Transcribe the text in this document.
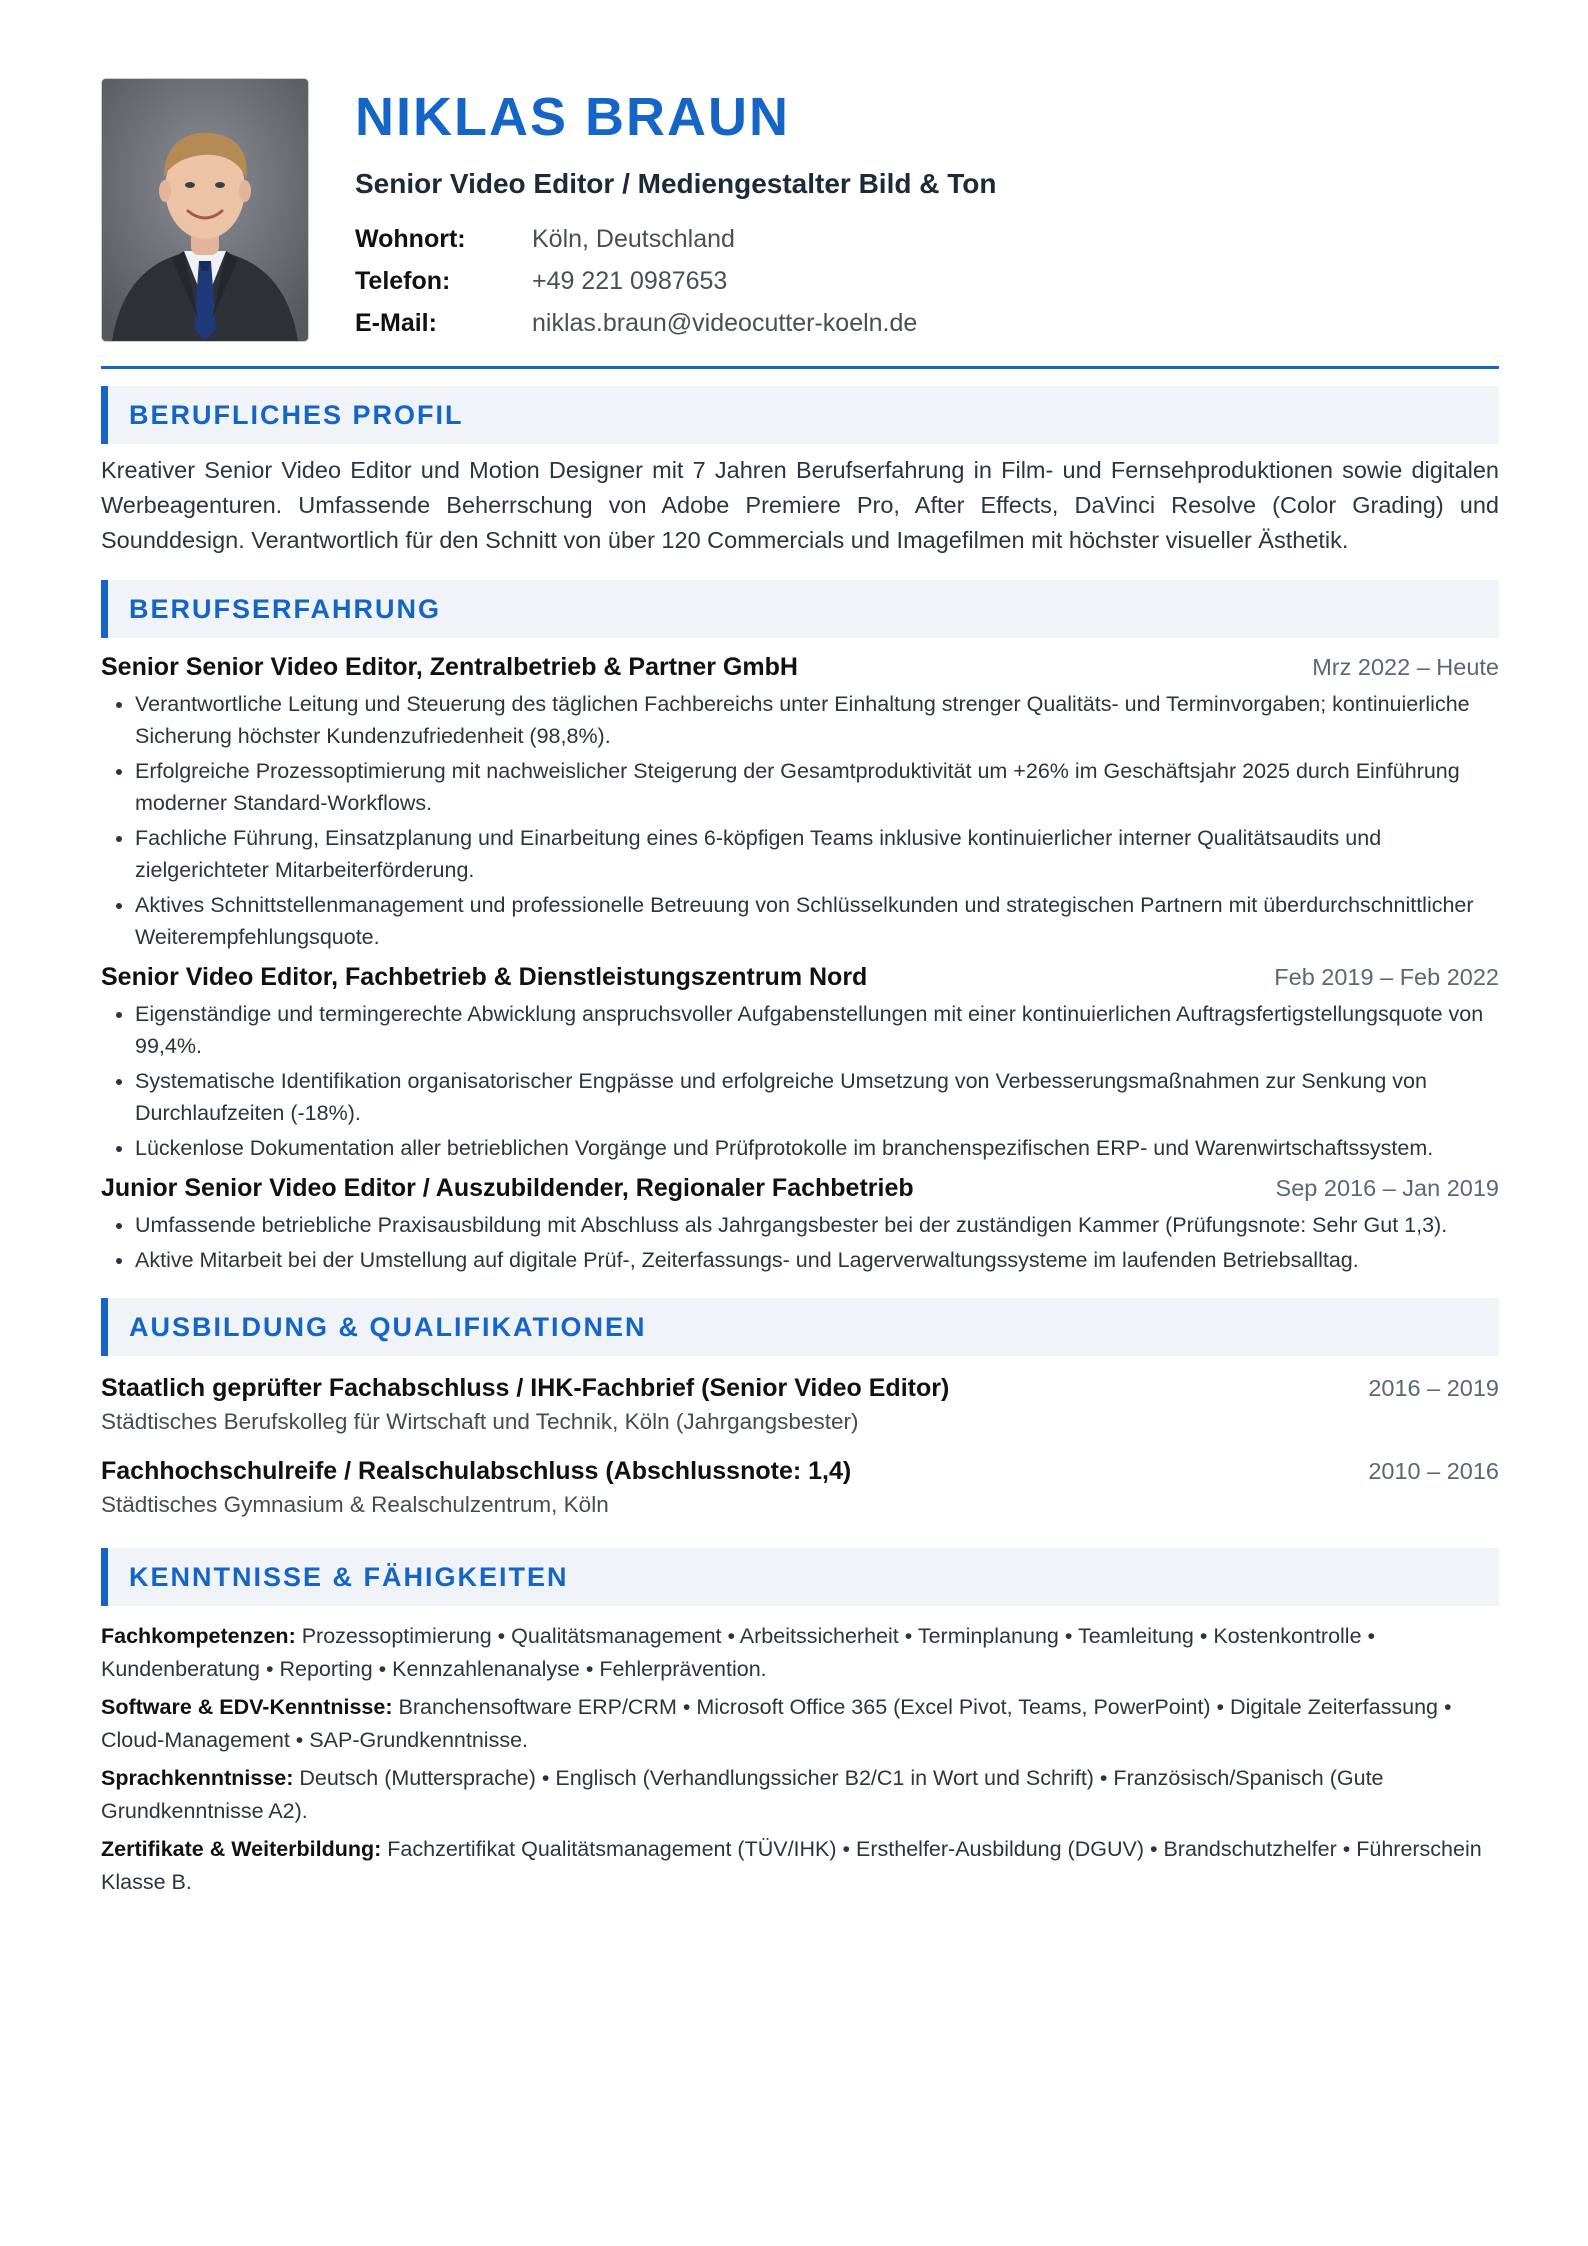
NIKLAS BRAUN
Senior Video Editor / Mediengestalter Bild & Ton
Wohnort:	Köln, Deutschland
Telefon:	+49 221 0987653
E-Mail:	niklas.braun@videocutter-koeln.de
BERUFLICHES PROFIL

Kreativer Senior Video Editor und Motion Designer mit 7 Jahren Berufserfahrung in Film- und Fernsehproduktionen sowie digitalen Werbeagenturen. Umfassende Beherrschung von Adobe Premiere Pro, After Effects, DaVinci Resolve (Color Grading) und Sounddesign. Verantwortlich für den Schnitt von über 120 Commercials und Imagefilmen mit höchster visueller Ästhetik.

BERUFSERFAHRUNG
Senior Senior Video Editor, Zentralbetrieb & Partner GmbH	Mrz 2022 – Heute
• Verantwortliche Leitung und Steuerung des täglichen Fachbereichs unter Einhaltung strenger Qualitäts- und Terminvorgaben; kontinuierliche Sicherung höchster Kundenzufriedenheit (98,8%).
• Erfolgreiche Prozessoptimierung mit nachweislicher Steigerung der Gesamtproduktivität um +26% im Geschäftsjahr 2025 durch Einführung moderner Standard-Workflows.
• Fachliche Führung, Einsatzplanung und Einarbeitung eines 6-köpfigen Teams inklusive kontinuierlicher interner Qualitätsaudits und zielgerichteter Mitarbeiterförderung.
• Aktives Schnittstellenmanagement und professionelle Betreuung von Schlüsselkunden und strategischen Partnern mit überdurchschnittlicher Weiterempfehlungsquote.
Senior Video Editor, Fachbetrieb & Dienstleistungszentrum Nord	Feb 2019 – Feb 2022
• Eigenständige und termingerechte Abwicklung anspruchsvoller Aufgabenstellungen mit einer kontinuierlichen Auftragsfertigstellungsquote von 99,4%.
• Systematische Identifikation organisatorischer Engpässe und erfolgreiche Umsetzung von Verbesserungsmaßnahmen zur Senkung von Durchlaufzeiten (-18%).
• Lückenlose Dokumentation aller betrieblichen Vorgänge und Prüfprotokolle im branchenspezifischen ERP- und Warenwirtschaftssystem.
Junior Senior Video Editor / Auszubildender, Regionaler Fachbetrieb	Sep 2016 – Jan 2019
• Umfassende betriebliche Praxisausbildung mit Abschluss als Jahrgangsbester bei der zuständigen Kammer (Prüfungsnote: Sehr Gut 1,3).
• Aktive Mitarbeit bei der Umstellung auf digitale Prüf-, Zeiterfassungs- und Lagerverwaltungssysteme im laufenden Betriebsalltag.
AUSBILDUNG & QUALIFIKATIONEN
Staatlich geprüfter Fachabschluss / IHK-Fachbrief (Senior Video Editor)	2016 – 2019
Städtisches Berufskolleg für Wirtschaft und Technik, Köln (Jahrgangsbester)
Fachhochschulreife / Realschulabschluss (Abschlussnote: 1,4)	2010 – 2016
Städtisches Gymnasium & Realschulzentrum, Köln
KENNTNISSE & FÄHIGKEITEN
Fachkompetenzen: Prozessoptimierung • Qualitätsmanagement • Arbeitssicherheit • Terminplanung • Teamleitung • Kostenkontrolle • Kundenberatung • Reporting • Kennzahlenanalyse • Fehlerprävention.
Software & EDV-Kenntnisse: Branchensoftware ERP/CRM • Microsoft Office 365 (Excel Pivot, Teams, PowerPoint) • Digitale Zeiterfassung • Cloud-Management • SAP-Grundkenntnisse.
Sprachkenntnisse: Deutsch (Muttersprache) • Englisch (Verhandlungssicher B2/C1 in Wort und Schrift) • Französisch/Spanisch (Gute Grundkenntnisse A2).
Zertifikate & Weiterbildung: Fachzertifikat Qualitätsmanagement (TÜV/IHK) • Ersthelfer-Ausbildung (DGUV) • Brandschutzhelfer • Führerschein Klasse B.
